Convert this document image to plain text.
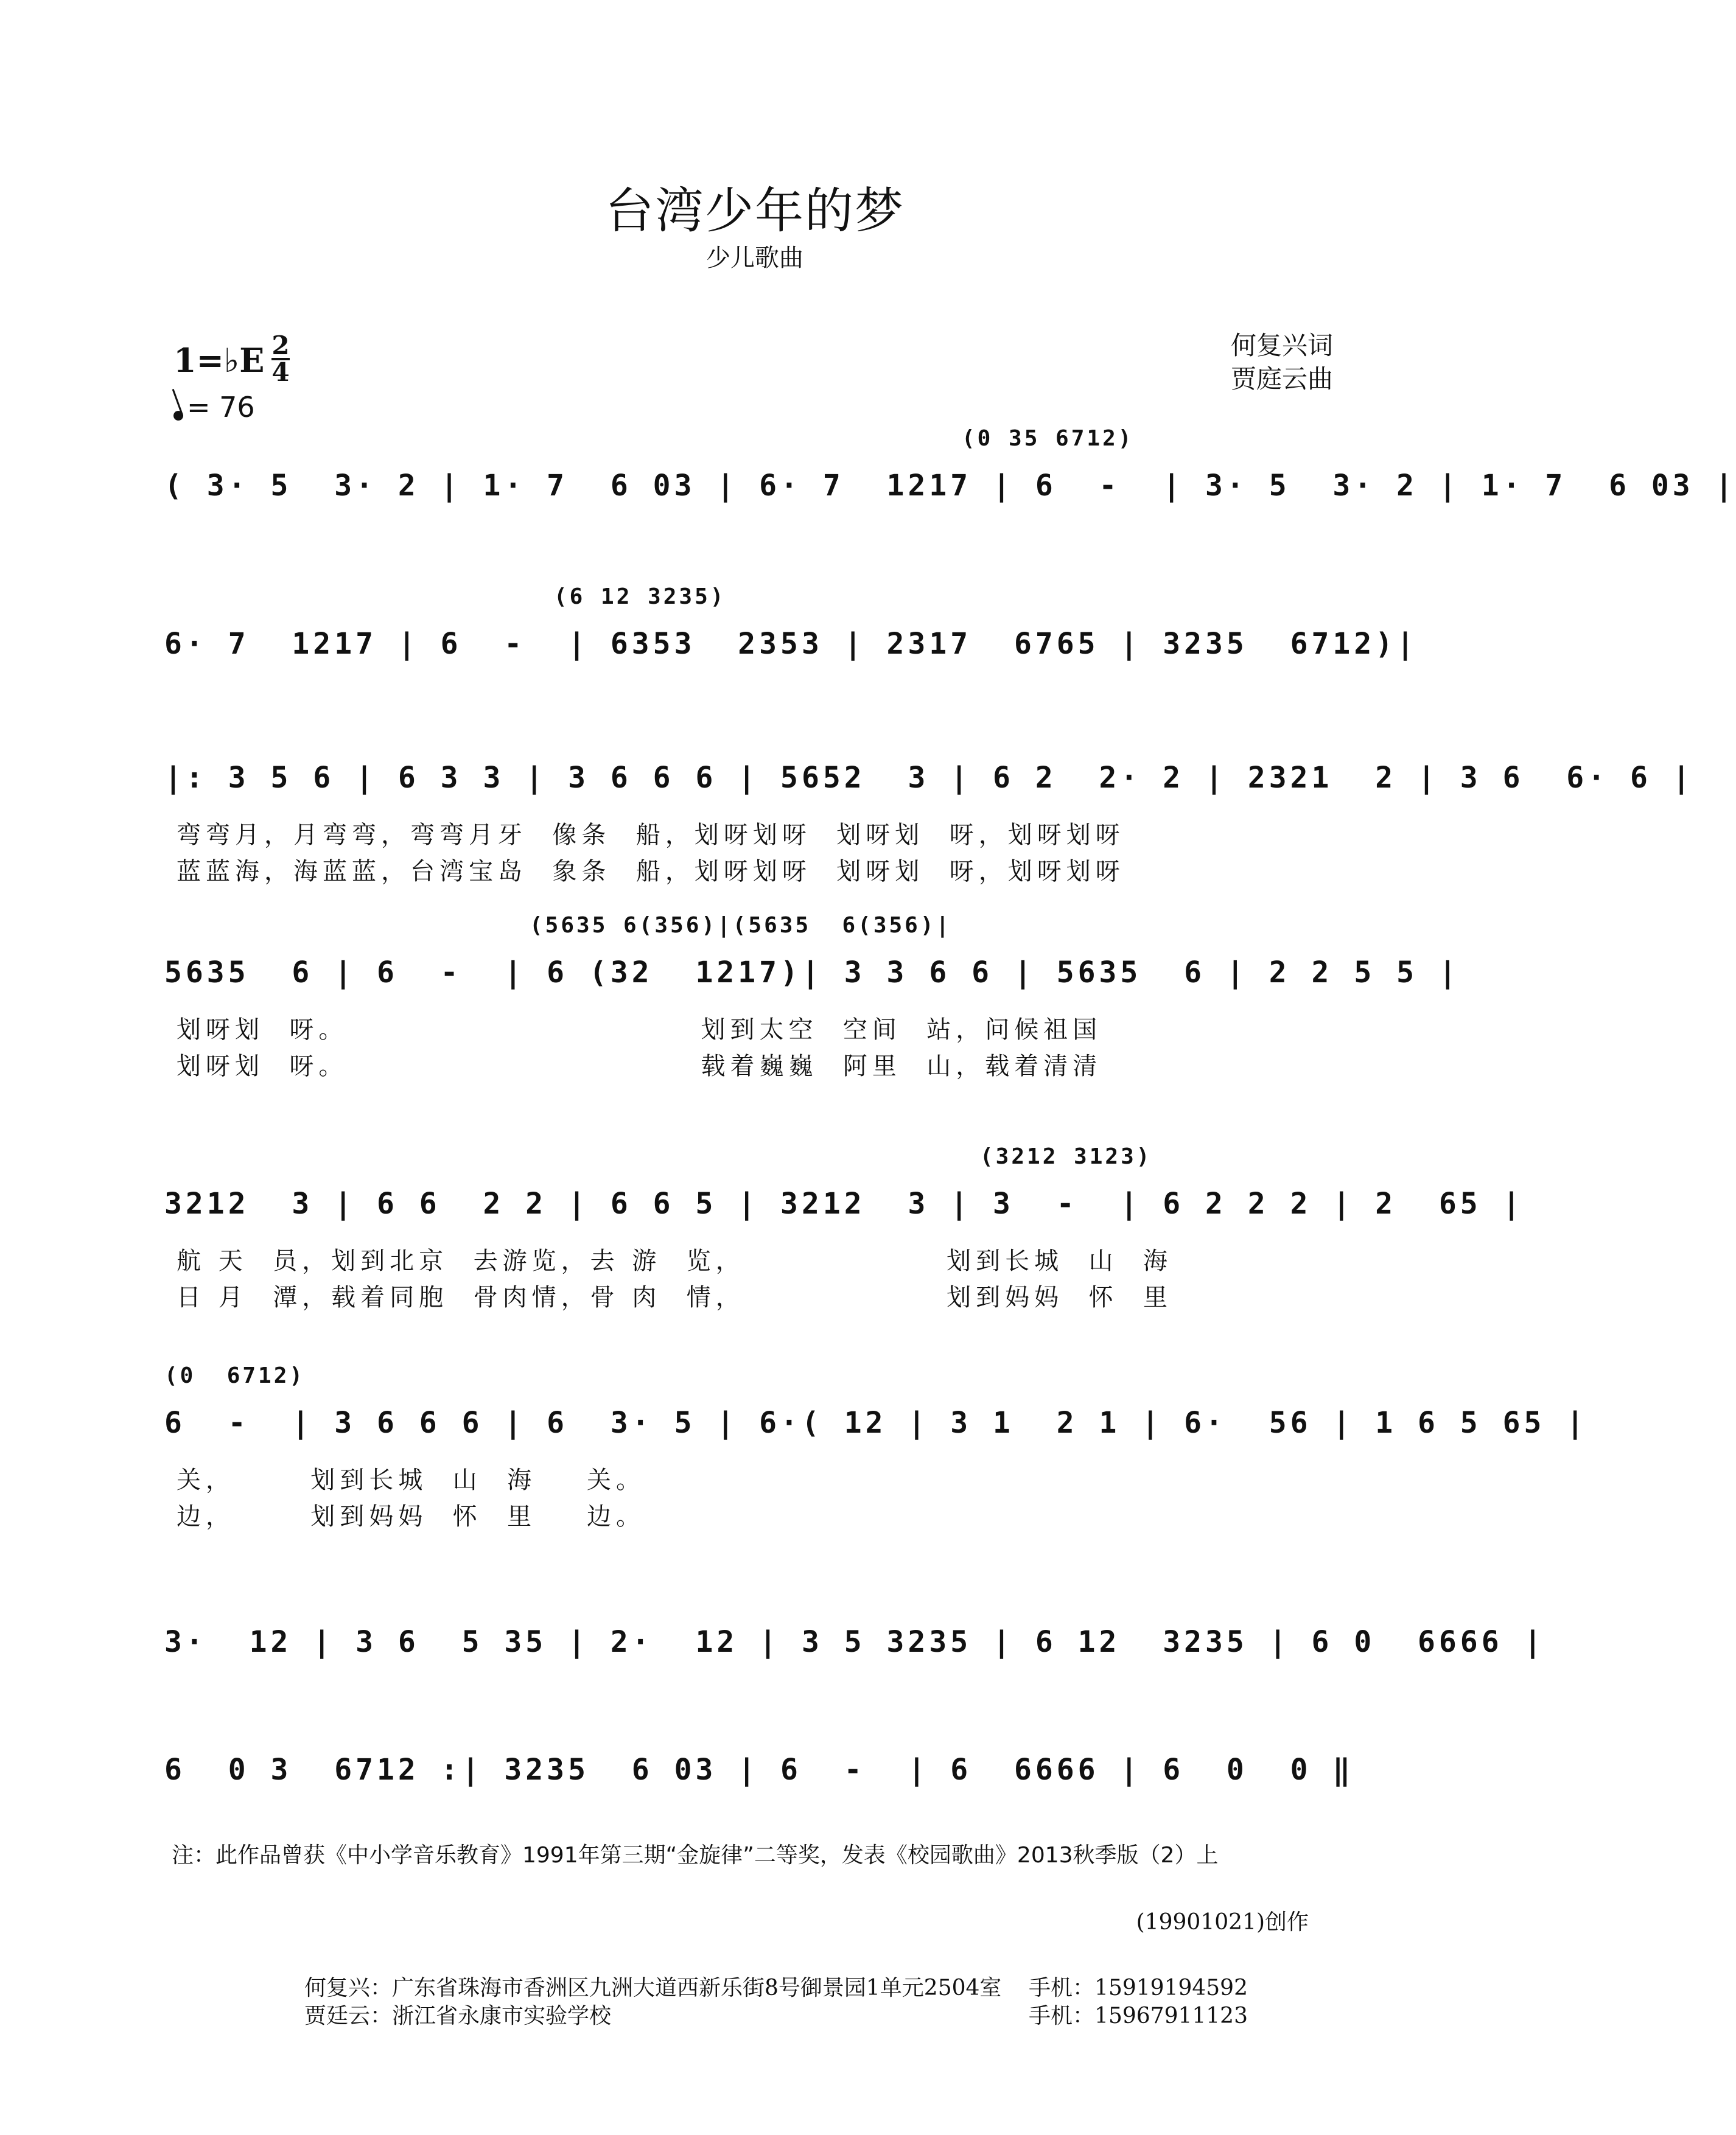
台湾少年的梦
少儿歌曲
何复兴词
贾庭云曲
1=♭E 2
4
= 76
(0 35 6712)
( 3· 5  3· 2 | 1· 7  6 03 | 6· 7  1217 | 6  -  | 3· 5  3· 2 | 1· 7  6 03 |
(6 12 3235)
6· 7  1217 | 6  -  | 6353  2353 | 2317  6765 | 3235  6712)|
|: 3 5 6 | 6 3 3 | 3 6 6 6 | 5652  3 | 6 2  2· 2 | 2321  2 | 3 6  6· 6 |
弯弯月，月弯弯，弯弯月牙  像条  船，划呀划呀  划呀划  呀，划呀划呀
蓝蓝海，海蓝蓝，台湾宝岛  象条  船，划呀划呀  划呀划  呀，划呀划呀
(5635 6(356)|(5635  6(356)|
5635  6 | 6  -  | 6 (32  1217)| 3 3 6 6 | 5635  6 | 2 2 5 5 |
划呀划  呀。                            划到太空  空间  站，问候祖国
划呀划  呀。                            载着巍巍  阿里  山，载着清清
(3212 3123)
3212  3 | 6 6  2 2 | 6 6 5 | 3212  3 | 3  -  | 6 2 2 2 | 2  65 |
航 天  员，划到北京  去游览，去 游  览，                划到长城  山  海
日 月  潭，载着同胞  骨肉情，骨 肉  情，                划到妈妈  怀  里
(0  6712)
6  -  | 3 6 6 6 | 6  3· 5 | 6·( 12 | 3 1  2 1 | 6·  56 | 1 6 5 65 |
关，      划到长城  山  海    关。
边，      划到妈妈  怀  里    边。
3·  12 | 3 6  5 35 | 2·  12 | 3 5 3235 | 6 12  3235 | 6 0  6666 |
6  0 3  6712 :| 3235  6 03 | 6  -  | 6  6666 | 6  0  0 ‖
注：此作品曾获《中小学音乐教育》1991年第三期“金旋律”二等奖，发表《校园歌曲》2013秋季版（2）上
(19901021)创作
何复兴：广东省珠海市香洲区九洲大道西新乐街8号御景园1单元2504室 手机：15919194592
贾廷云：浙江省永康市实验学校	手机：15967911123
